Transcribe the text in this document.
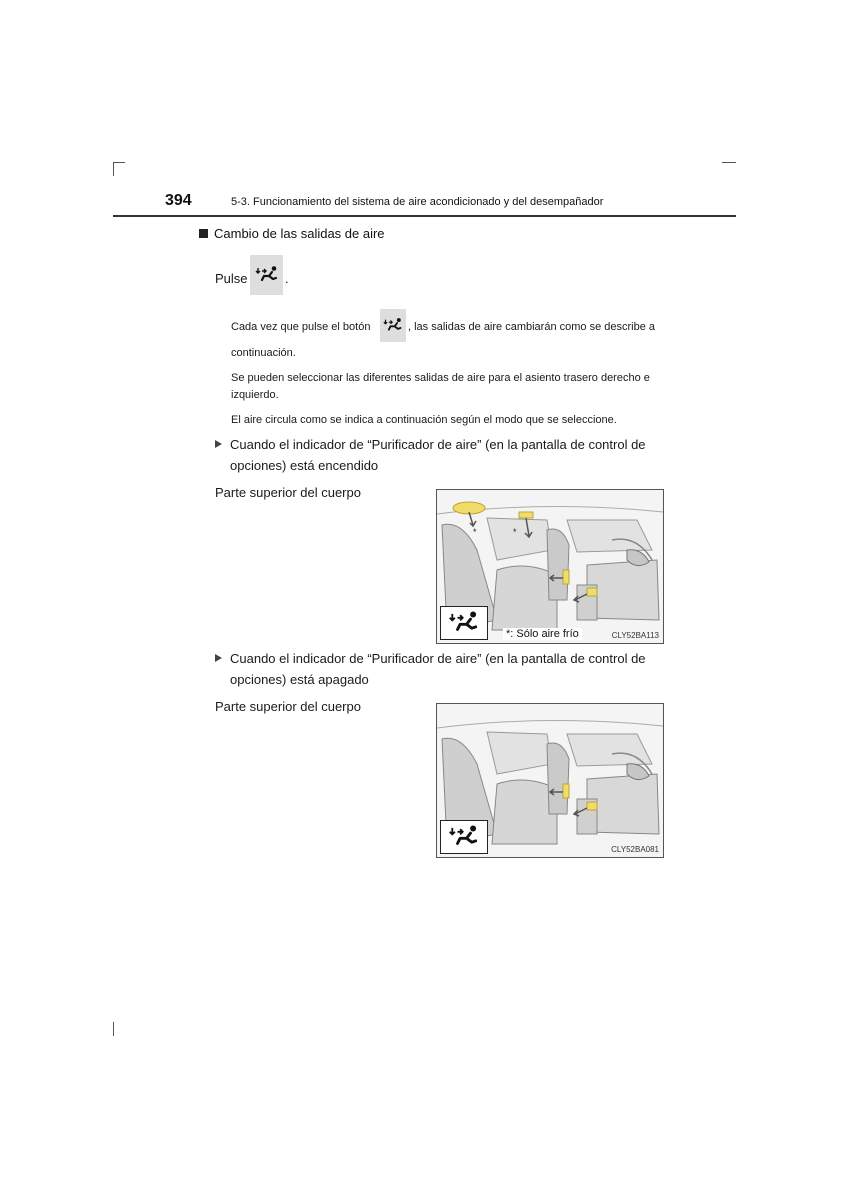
394	5-3. Funcionamiento del sistema de aire acondicionado y del desempañador
Cambio de las salidas de aire
Pulse	.
Cada vez que pulse el botón	, las salidas de aire cambiarán como se describe a
continuación.
Se pueden seleccionar las diferentes salidas de aire para el asiento trasero derecho e izquierdo.
El aire circula como se indica a continuación según el modo que se seleccione.
Cuando el indicador de “Purificador de aire” (en la pantalla de control de opciones) está encendido
Parte superior del cuerpo
*	*
*: Sólo aire frío	CLY52BA113
Cuando el indicador de “Purificador de aire” (en la pantalla de control de opciones) está apagado
Parte superior del cuerpo
CLY52BA081
